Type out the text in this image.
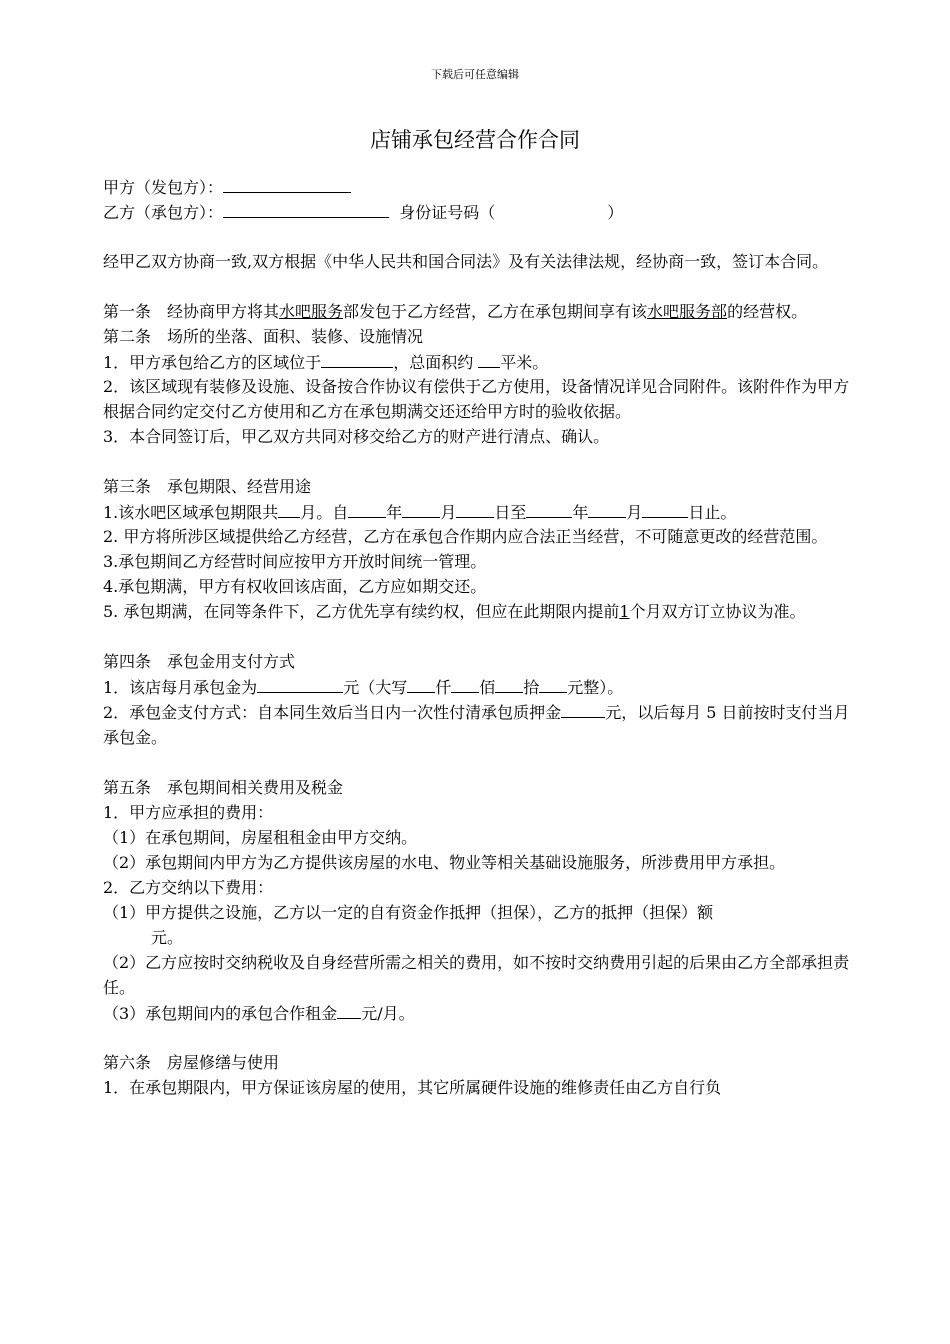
下载后可任意编辑
店铺承包经营合作合同
甲方（发包方）：
乙方（承包方）：	身份证号码（	）
经甲乙双方协商一致,双方根据《中华人民共和国合同法》及有关法律法规，经协商一致，签订本合同。
第一条　经协商甲方将其水吧服务部发包于乙方经营，乙方在承包期间享有该水吧服务部的经营权。
第二条　场所的坐落、面积、装修、设施情况
1．甲方承包给乙方的区域位于	，总面积约 平米。
2．该区域现有装修及设施、设备按合作协议有偿供于乙方使用，设备情况详见合同附件。该附件作为甲方根据合同约定交付乙方使用和乙方在承包期满交还还给甲方时的验收依据。
3．本合同签订后，甲乙双方共同对移交给乙方的财产进行清点、确认。
第三条　承包期限、经营用途
1.该水吧区域承包期限共 月。自 年 月 日至	年 月	日止。
2. 甲方将所涉区域提供给乙方经营，乙方在承包合作期内应合法正当经营，不可随意更改的经营范围。
3.承包期间乙方经营时间应按甲方开放时间统一管理。
4.承包期满，甲方有权收回该店面，乙方应如期交还。
5. 承包期满，在同等条件下，乙方优先享有续约权，但应在此期限内提前1个月双方订立协议为准。
第四条　承包金用支付方式
1．该店每月承包金为	元（大写 仟 佰 拾 元整）。
2．承包金支付方式：自本同生效后当日内一次性付清承包质押金	元，以后每月 5 日前按时支付当月承包金。
第五条　承包期间相关费用及税金
1．甲方应承担的费用：
（1）在承包期间，房屋租租金由甲方交纳。
（2）承包期间内甲方为乙方提供该房屋的水电、物业等相关基础设施服务，所涉费用甲方承担。
2．乙方交纳以下费用：
（1）甲方提供之设施，乙方以一定的自有资金作抵押（担保），乙方的抵押（担保）额
元。
（2）乙方应按时交纳税收及自身经营所需之相关的费用，如不按时交纳费用引起的后果由乙方全部承担责任。
（3）承包期间内的承包合作租金 元/月。
第六条　房屋修缮与使用
1．在承包期限内，甲方保证该房屋的使用，其它所属硬件设施的维修责任由乙方自行负
